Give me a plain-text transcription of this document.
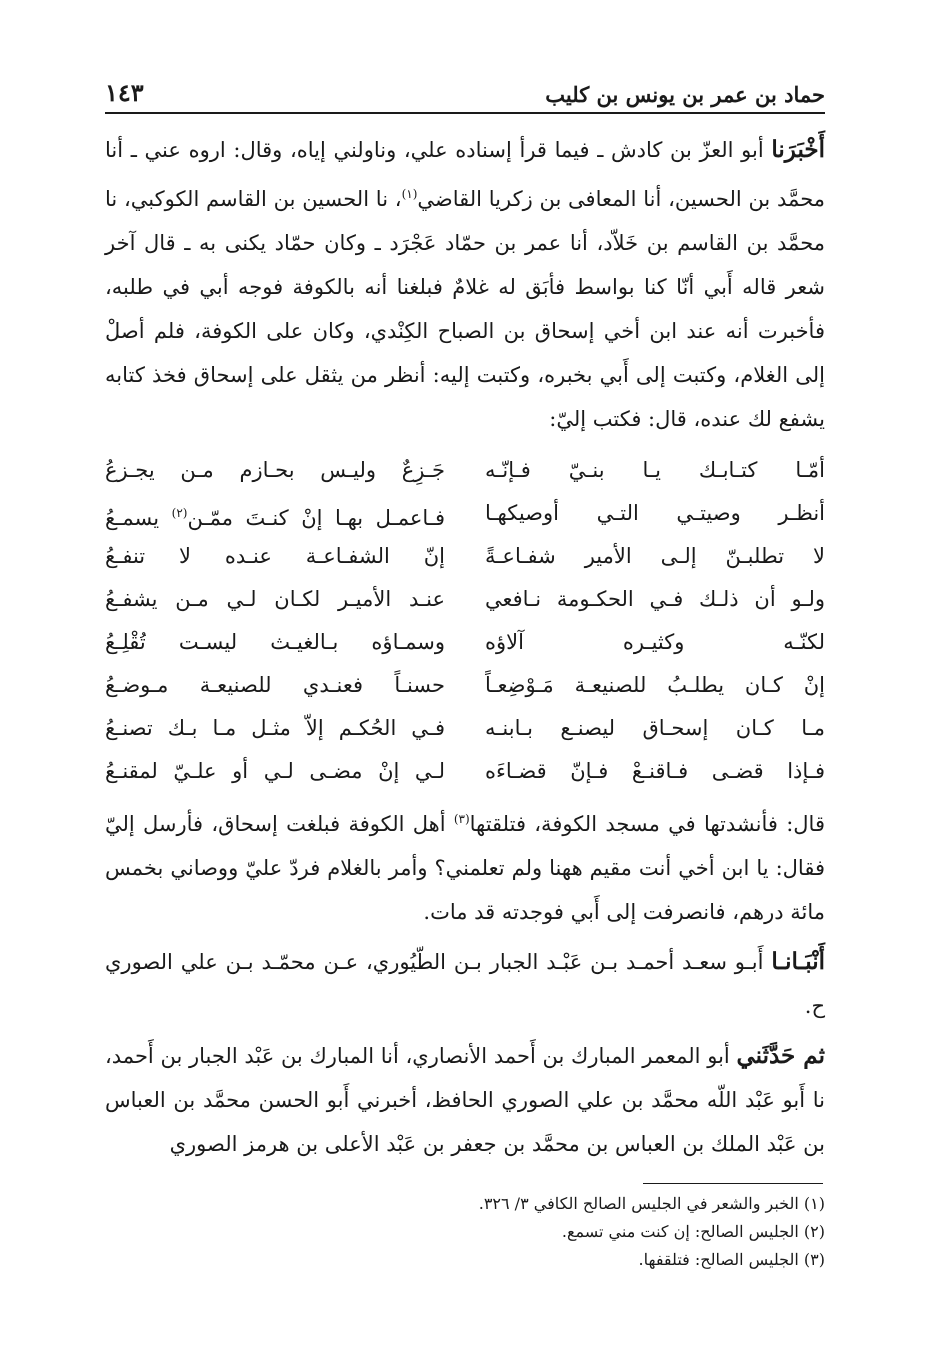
حماد بن عمر بن يونس بن كليب
١٤٣

أَخْبَرَنا أبو العزّ بن كادش ـ فيما قرأ إسناده علي، وناولني إياه، وقال: اروه عني ـ أنا محمَّد بن الحسين، أنا المعافى بن زكريا القاضي$^{(١)}$، نا الحسين بن القاسم الكوكبي، نا محمَّد بن القاسم بن خَلاّد، أنا عمر بن حمّاد عَجْرَد ـ وكان حمّاد يكنى به ـ قال آخر شعر قاله أَبي أنّا كنا بواسط فأبَق له غلامٌ فبلغنا أنه بالكوفة فوجه أبي في طلبه، فأخبرت أنه عند ابن أخي إسحاق بن الصباح الكِنْدي، وكان على الكوفة، فلم أصلْ إلى الغلام، وكتبت إلى أَبي بخبره، وكتبت إليه: أنظر من يثقل على إسحاق فخذ كتابه يشفع لك عنده، قال: فكتب إليّ:

أمّـا كتـابـك يـا بنـيّ فـإنّـه
جَـزِعٌ وليـس بحـازم مـن يجـزعُ
أنظـر وصيتـي التـي أوصيكهـا
فـاعمـل بهـا إنْ كنـتَ ممّـن$^{(٢)}$ يسمـعُ
لا تطلبـنّ إلـى الأمير شفـاعـةً
إنّ الشفـاعـة عنـده لا تنفـعُ
ولـو أن ذلـك فـي الحكـومة نـافعي
عنـد الأميـر لكـان لـي مـن يشفـعُ
لكنّـه وكثيـره آلاؤه
وسمـاؤه بـالغيـث ليسـت تُقْلِـعُ
إنْ كـان يطلـبُ للصنيعـة مَـوْضِعـاً
حسنـاً فعنـدي للصنيعـة مـوضـعُ
مـا كـان إسحـاق ليصنـع بـابنـه
فـي الحُكـم إلاّ مثـل مـا بـك تصنـعُ
فـإذا قضـى فـاقنـعْ فـإنّ قضـاءَه
لـي إنْ مضـى لـي أو علـيّ لمقنـعُ

قال: فأنشدتها في مسجد الكوفة، فتلقتها$^{(٣)}$ أهل الكوفة فبلغت إسحاق، فأرسل إليّ فقال: يا ابن أخي أنت مقيم ههنا ولم تعلمني؟ وأمر بالغلام فردّ عليّ ووصاني بخمس مائة درهم، فانصرفت إلى أَبي فوجدته قد مات.

أَنْبَـانـا أَبـو سعـد أحمـد بـن عَبْـد الجبار بـن الطّيُوري، عـن محمّـد بـن علي الصوري ح.

ثم حَدَّثَني أبو المعمر المبارك بن أَحمد الأنصاري، أنا المبارك بن عَبْد الجبار بن أَحمد، نا أَبو عَبْد اللّه محمَّد بن علي الصوري الحافظ، أخبرني أَبو الحسن محمَّد بن العباس بن عَبْد الملك بن العباس بن محمَّد بن جعفر بن عَبْد الأعلى بن هرمز الصوري

(١) الخبر والشعر في الجليس الصالح الكافي ٣/ ٣٢٦.

(٢) الجليس الصالح: إن كنت مني تسمع.

(٣) الجليس الصالح: فتلقفها.
